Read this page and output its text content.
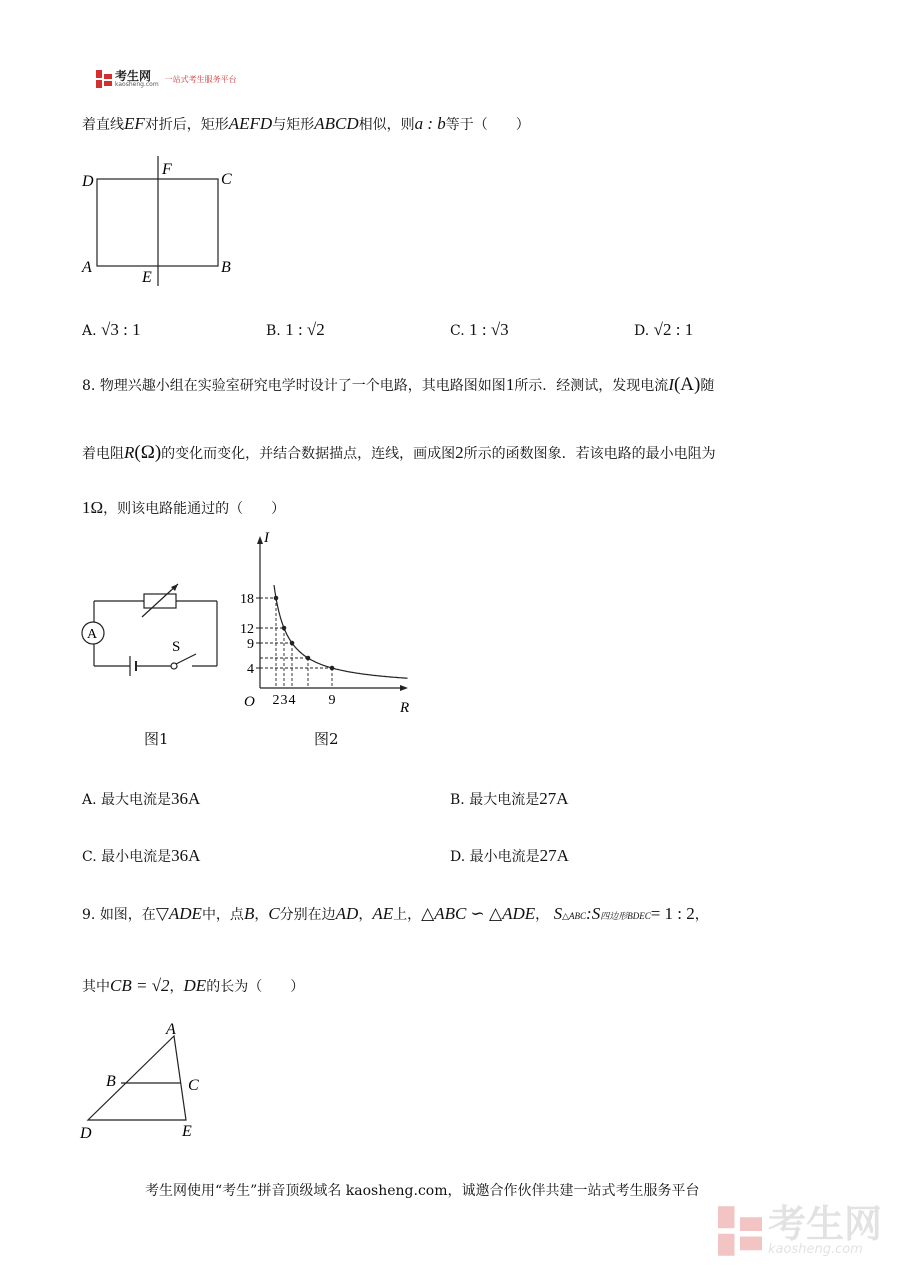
考生网
kaosheng.com
一站式考生服务平台
着直线EF对折后，矩形AEFD与矩形ABCD相似，则a : b等于（　　）
D
F
C
A
E
B
A. √3 : 1	B. 1 : √2	C. 1 : √3	D. √2 : 1
8. 物理兴趣小组在实验室研究电学时设计了一个电路，其电路图如图1所示．经测试，发现电流I(A)随
着电阻R(Ω)的变化而变化，并结合数据描点，连线，画成图2所示的函数图象．若该电路的最小电阻为
1Ω，则该电路能通过的（　　）
A
S
图1
R
I
O
18
12
9
4
2 3 4 9
图2
A. 最大电流是36A	B. 最大电流是27A
C. 最小电流是36A	D. 最小电流是27A
9. 如图，在▽ADE中，点B，C分别在边AD，AE上，△ABC ∽ △ADE， S△ABC:S四边形BDEC= 1 : 2，
其中CB = √2，DE的长为（　　）
A
B	C
D	E
考生网使用“考生”拼音顶级域名 kaosheng.com，诚邀合作伙伴共建一站式考生服务平台
考生网
kaosheng.com
